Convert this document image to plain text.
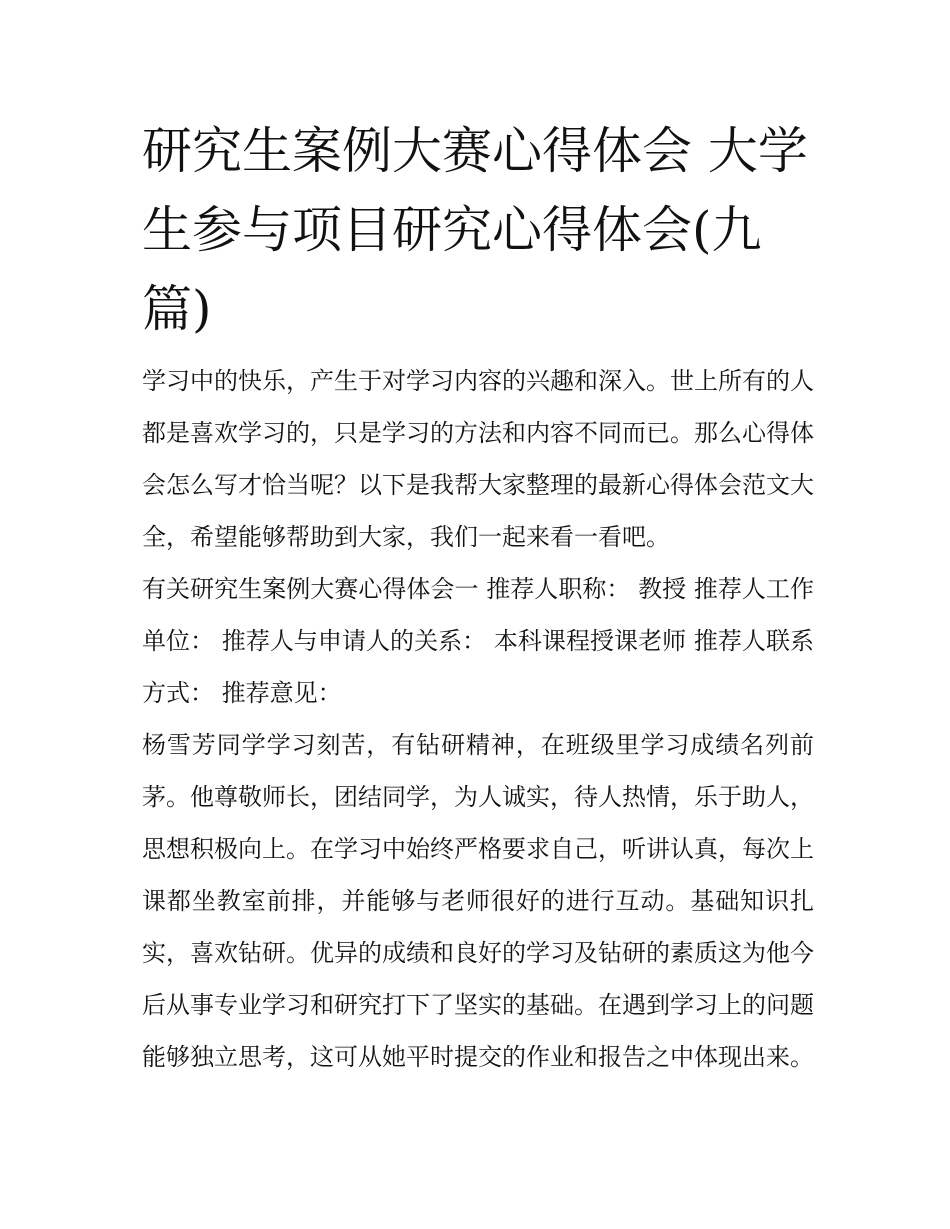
研究生案例大赛心得体会 大学生参与项目研究心得体会(九篇)

学习中的快乐，产生于对学习内容的兴趣和深入。世上所有的人都是喜欢学习的，只是学习的方法和内容不同而已。那么心得体会怎么写才恰当呢？以下是我帮大家整理的最新心得体会范文大全，希望能够帮助到大家，我们一起来看一看吧。

有关研究生案例大赛心得体会一 推荐人职称： 教授 推荐人工作单位： 推荐人与申请人的关系： 本科课程授课老师 推荐人联系方式： 推荐意见：

杨雪芳同学学习刻苦，有钻研精神，在班级里学习成绩名列前茅。他尊敬师长，团结同学，为人诚实，待人热情，乐于助人，思想积极向上。在学习中始终严格要求自己，听讲认真，每次上课都坐教室前排，并能够与老师很好的进行互动。基础知识扎实，喜欢钻研。优异的成绩和良好的学习及钻研的素质这为他今后从事专业学习和研究打下了坚实的基础。在遇到学习上的问题能够独立思考，这可从她平时提交的作业和报告之中体现出来。
